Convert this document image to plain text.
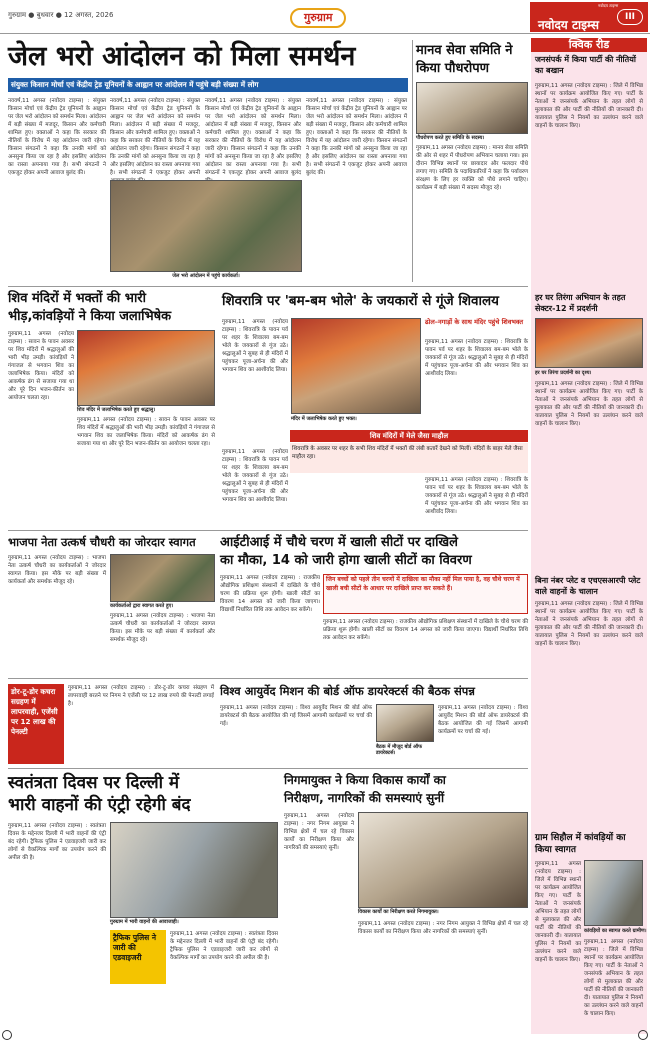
गुरुग्राम ● बुधवार ● 12 अगस्त, 2026	गुरुग्राम
नवोदय टाइम्स
नवोदय टाइम्स
III
जेल भरो आंदोलन को मिला समर्थन
संयुक्त किसान मोर्चा एवं केंद्रीय ट्रेड यूनियनों के आह्वान पर आंदोलन में पहुंचे बड़ी संख्या में लोग
नववर्ष,11 अगस्त (नवोदय टाइम्स) : संयुक्त किसान मोर्चा एवं केंद्रीय ट्रेड यूनियनों के आह्वान पर जेल भरो आंदोलन को समर्थन मिला। आंदोलन में बड़ी संख्या में मजदूर, किसान और कर्मचारी शामिल हुए। वक्ताओं ने कहा कि सरकार की नीतियों के विरोध में यह आंदोलन जारी रहेगा। किसान संगठनों ने कहा कि उनकी मांगों को अनसुना किया जा रहा है और इसलिए आंदोलन का रास्ता अपनाया गया है। सभी संगठनों ने एकजुट होकर अपनी आवाज बुलंद की।
नववर्ष,11 अगस्त (नवोदय टाइम्स) : संयुक्त किसान मोर्चा एवं केंद्रीय ट्रेड यूनियनों के आह्वान पर जेल भरो आंदोलन को समर्थन मिला। आंदोलन में बड़ी संख्या में मजदूर, किसान और कर्मचारी शामिल हुए। वक्ताओं ने कहा कि सरकार की नीतियों के विरोध में यह आंदोलन जारी रहेगा। किसान संगठनों ने कहा कि उनकी मांगों को अनसुना किया जा रहा है और इसलिए आंदोलन का रास्ता अपनाया गया है। सभी संगठनों ने एकजुट होकर अपनी
नववर्ष,11 अगस्त (नवोदय टाइम्स) : संयुक्त किसान मोर्चा एवं केंद्रीय ट्रेड यूनियनों के आह्वान पर जेल भरो आंदोलन को समर्थन मिला। आंदोलन में बड़ी संख्या में मजदूर, किसान और कर्मचारी शामिल हुए। वक्ताओं ने कहा कि सरकार की नीतियों के विरोध में यह आंदोलन जारी रहेगा। किसान संगठनों ने कहा कि उनकी मांगों को अनसुना किया जा रहा है और इसलिए आंदोलन का रास्ता अपनाया गया है। सभी संगठनों ने एकजुट होकर अपनी आवाज बुलंद
नववर्ष,11 अगस्त (नवोदय टाइम्स) : संयुक्त किसान मोर्चा एवं केंद्रीय ट्रेड यूनियनों के आह्वान पर जेल भरो आंदोलन को समर्थन मिला। आंदोलन में बड़ी संख्या में मजदूर, किसान और कर्मचारी शामिल हुए। वक्ताओं ने कहा कि सरकार की नीतियों के विरोध में यह आंदोलन जारी रहेगा। किसान संगठनों ने कहा कि उनकी मांगों को अनसुना किया जा रहा है और इसलिए आंदोलन का रास्ता अपनाया गया है। सभी संगठनों ने एकजुट होकर अपनी आवाज बुलंद की।
जेल भरो आंदोलन में पहुंचे कार्यकर्ता।
मानव सेवा समिति ने
किया पौधरोपण
पौधरोपण करते हुए समिति के सदस्य।
गुरुग्राम,11 अगस्त (नवोदय टाइम्स) : मानव सेवा समिति की ओर से शहर में पौधरोपण अभियान चलाया गया। इस दौरान विभिन्न स्थानों पर छायादार और फलदार पौधे लगाए गए। समिति के पदाधिकारियों ने कहा कि पर्यावरण संरक्षण के लिए हर व्यक्ति को पौधे लगाने चाहिए। कार्यक्रम में बड़ी संख्या में सदस्य मौजूद रहे।
क्विक रीड
जनसंपर्क में किया पार्टी की नीतियों का बखान
गुरुग्राम,11 अगस्त (नवोदय टाइम्स) : जिले में विभिन्न स्थानों पर कार्यक्रम आयोजित किए गए। पार्टी के नेताओं ने जनसंपर्क अभियान के तहत लोगों से मुलाकात की और पार्टी की नीतियों की जानकारी दी। यातायात पुलिस ने नियमों का उल्लंघन करने वाले वाहनों के चालान किए।
हर घर तिरंगा अभियान के तहत सेक्टर-12 में प्रदर्शनी
हर घर तिरंगा प्रदर्शनी का दृश्य।
गुरुग्राम,11 अगस्त (नवोदय टाइम्स) : जिले में विभिन्न स्थानों पर कार्यक्रम आयोजित किए गए। पार्टी के नेताओं ने जनसंपर्क अभियान के तहत लोगों से मुलाकात की और पार्टी की नीतियों की जानकारी दी। यातायात पुलिस ने नियमों का उल्लंघन करने वाले वाहनों के चालान किए।
बिना नंबर प्लेट व एचएसआरपी प्लेट वाले वाहनों के चालान
गुरुग्राम,11 अगस्त (नवोदय टाइम्स) : जिले में विभिन्न स्थानों पर कार्यक्रम आयोजित किए गए। पार्टी के नेताओं ने जनसंपर्क अभियान के तहत लोगों से मुलाकात की और पार्टी की नीतियों की जानकारी दी। यातायात पुलिस ने नियमों का उल्लंघन करने वाले वाहनों के चालान किए।
ग्राम सिहौल में कांवड़ियों का किया स्वागत
गुरुग्राम,11 अगस्त (नवोदय टाइम्स) : जिले में विभिन्न स्थानों पर कार्यक्रम आयोजित किए गए। पार्टी के नेताओं ने जनसंपर्क अभियान के तहत लोगों से मुलाकात की और पार्टी की नीतियों की जानकारी दी। यातायात पुलिस ने नियमों का उल्लंघन करने वाले वाहनों के चालान किए।
कांवड़ियों का स्वागत करते ग्रामीण।
गुरुग्राम,11 अगस्त (नवोदय टाइम्स) : जिले में विभिन्न स्थानों पर कार्यक्रम आयोजित किए गए। पार्टी के नेताओं ने जनसंपर्क अभियान के तहत लोगों से मुलाकात की और पार्टी की नीतियों की जानकारी दी। यातायात पुलिस ने नियमों का उल्लंघन करने वाले वाहनों के चालान किए।
शिव मंदिरों में भक्तों की भारी
भीड़,कांवड़ियों ने किया जलाभिषेक
गुरुग्राम,11 अगस्त (नवोदय टाइम्स) : सावन के पावन अवसर पर शिव मंदिरों में श्रद्धालुओं की भारी भीड़ उमड़ी। कांवड़ियों ने गंगाजल से भगवान शिव का जलाभिषेक किया। मंदिरों को आकर्षक ढंग से सजाया गया था और पूरे दिन भजन-कीर्तन का आयोजन चलता रहा।
शिव मंदिर में जलाभिषेक करते हुए श्रद्धालु।
गुरुग्राम,11 अगस्त (नवोदय टाइम्स) : सावन के पावन अवसर पर शिव मंदिरों में श्रद्धालुओं की भारी भीड़ उमड़ी। कांवड़ियों ने गंगाजल से भगवान शिव का जलाभिषेक किया। मंदिरों को आकर्षक ढंग से सजाया गया था और पूरे दिन भजन-कीर्तन का आयोजन चलता रहा।
शिवरात्रि पर 'बम-बम भोले' के जयकारों से गूंजे शिवालय
गुरुग्राम,11 अगस्त (नवोदय टाइम्स) : शिवरात्रि के पावन पर्व पर शहर के शिवालय बम-बम भोले के जयकारों से गूंज उठे। श्रद्धालुओं ने सुबह से ही मंदिरों में पहुंचकर पूजा-अर्चना की और भगवान शिव का आशीर्वाद लिया।
मंदिर में जलाभिषेक करते हुए भक्त।
ढोल–नगाड़ों के साथ मंदिर पहुंचे शिवभक्त
गुरुग्राम,11 अगस्त (नवोदय टाइम्स) : शिवरात्रि के पावन पर्व पर शहर के शिवालय बम-बम भोले के जयकारों से गूंज उठे। श्रद्धालुओं ने सुबह से ही मंदिरों में पहुंचकर पूजा-अर्चना की और भगवान शिव का आशीर्वाद लिया।
शिव मंदिरों में मेले जैसा माहौल
शिवरात्रि के अवसर पर शहर के सभी शिव मंदिरों में भक्तों की लंबी कतारें देखने को मिलीं। मंदिरों के बाहर मेले जैसा माहौल रहा।
गुरुग्राम,11 अगस्त (नवोदय टाइम्स) : शिवरात्रि के पावन पर्व पर शहर के शिवालय बम-बम भोले के जयकारों से गूंज उठे। श्रद्धालुओं ने सुबह से ही मंदिरों में पहुंचकर पूजा-अर्चना की और भगवान शिव का आशीर्वाद लिया।
गुरुग्राम,11 अगस्त (नवोदय टाइम्स) : शिवरात्रि के पावन पर्व पर शहर के शिवालय बम-बम भोले के जयकारों से गूंज उठे। श्रद्धालुओं ने सुबह से ही मंदिरों में पहुंचकर पूजा-अर्चना की और भगवान शिव का आशीर्वाद लिया।
भाजपा नेता उत्कर्ष चौधरी का जोरदार स्वागत
गुरुग्राम,11 अगस्त (नवोदय टाइम्स) : भाजपा नेता उत्कर्ष चौधरी का कार्यकर्ताओं ने जोरदार स्वागत किया। इस मौके पर बड़ी संख्या में कार्यकर्ता और समर्थक मौजूद रहे।
कार्यकर्ताओं द्वारा स्वागत करते हुए।
गुरुग्राम,11 अगस्त (नवोदय टाइम्स) : भाजपा नेता उत्कर्ष चौधरी का कार्यकर्ताओं ने जोरदार स्वागत किया। इस मौके पर बड़ी संख्या में कार्यकर्ता और समर्थक मौजूद रहे।
आईटीआई में चौथे चरण में खाली सीटों पर दाखिले
का मौका, 14 को जारी होगा खाली सीटों का विवरण
गुरुग्राम,11 अगस्त (नवोदय टाइम्स) : राजकीय औद्योगिक प्रशिक्षण संस्थानों में दाखिले के चौथे चरण की प्रक्रिया शुरू होगी। खाली सीटों का विवरण 14 अगस्त को जारी किया जाएगा। विद्यार्थी निर्धारित तिथि तक आवेदन कर सकेंगे।
जिन बच्चों को पहले तीन चरणों में दाखिला का मौका नहीं मिल पाया है, वह चौथे चरण में खाली बची सीटों के आधार पर दाखिले प्राप्त कर सकते हैं।
गुरुग्राम,11 अगस्त (नवोदय टाइम्स) : राजकीय औद्योगिक प्रशिक्षण संस्थानों में दाखिले के चौथे चरण की प्रक्रिया शुरू होगी। खाली सीटों का विवरण 14 अगस्त को जारी किया जाएगा। विद्यार्थी निर्धारित तिथि तक आवेदन कर सकेंगे।
डोर-टू-डोर कचरा सग्रहण में लापरवाही, एजेंसी पर 12 लाख की पेनल्टी
गुरुग्राम,11 अगस्त (नवोदय टाइम्स) : डोर-टू-डोर कचरा संग्रहण में लापरवाही बरतने पर निगम ने एजेंसी पर 12 लाख रुपये की पेनल्टी लगाई है।
विश्व आयुर्वेद मिशन की बोर्ड ऑफ डायरेक्टर्स की बैठक संपन्न
गुरुग्राम,11 अगस्त (नवोदय टाइम्स) : विश्व आयुर्वेद मिशन की बोर्ड ऑफ डायरेक्टर्स की बैठक आयोजित की गई जिसमें आगामी कार्यक्रमों पर चर्चा की गई।
बैठक में मौजूद बोर्ड ऑफ डायरेक्टर्स।
गुरुग्राम,11 अगस्त (नवोदय टाइम्स) : विश्व आयुर्वेद मिशन की बोर्ड ऑफ डायरेक्टर्स की बैठक आयोजित की गई जिसमें आगामी कार्यक्रमों पर चर्चा की गई।
स्वतंत्रता दिवस पर दिल्ली में
भारी वाहनों की एंट्री रहेगी बंद
गुरुग्राम,11 अगस्त (नवोदय टाइम्स) : स्वतंत्रता दिवस के मद्देनजर दिल्ली में भारी वाहनों की एंट्री बंद रहेगी। ट्रैफिक पुलिस ने एडवाइजरी जारी कर लोगों से वैकल्पिक मार्गों का उपयोग करने की अपील की है।
गुरुग्राम में भारी वाहनों की आवाजाही।
ट्रैफिक पुलिस ने जारी की एडवाइजरी
गुरुग्राम,11 अगस्त (नवोदय टाइम्स) : स्वतंत्रता दिवस के मद्देनजर दिल्ली में भारी वाहनों की एंट्री बंद रहेगी। ट्रैफिक पुलिस ने एडवाइजरी जारी कर लोगों से वैकल्पिक मार्गों का उपयोग करने की अपील की है।
निगमायुक्त ने किया विकास कार्यों का
निरीक्षण, नागरिकों की समस्याएं सुनीं
गुरुग्राम,11 अगस्त (नवोदय टाइम्स) : नगर निगम आयुक्त ने विभिन्न क्षेत्रों में चल रहे विकास कार्यों का निरीक्षण किया और नागरिकों की समस्याएं सुनीं।
विकास कार्यों का निरीक्षण करते निगमायुक्त।
गुरुग्राम,11 अगस्त (नवोदय टाइम्स) : नगर निगम आयुक्त ने विभिन्न क्षेत्रों में चल रहे विकास कार्यों का निरीक्षण किया और नागरिकों की समस्याएं सुनीं।
